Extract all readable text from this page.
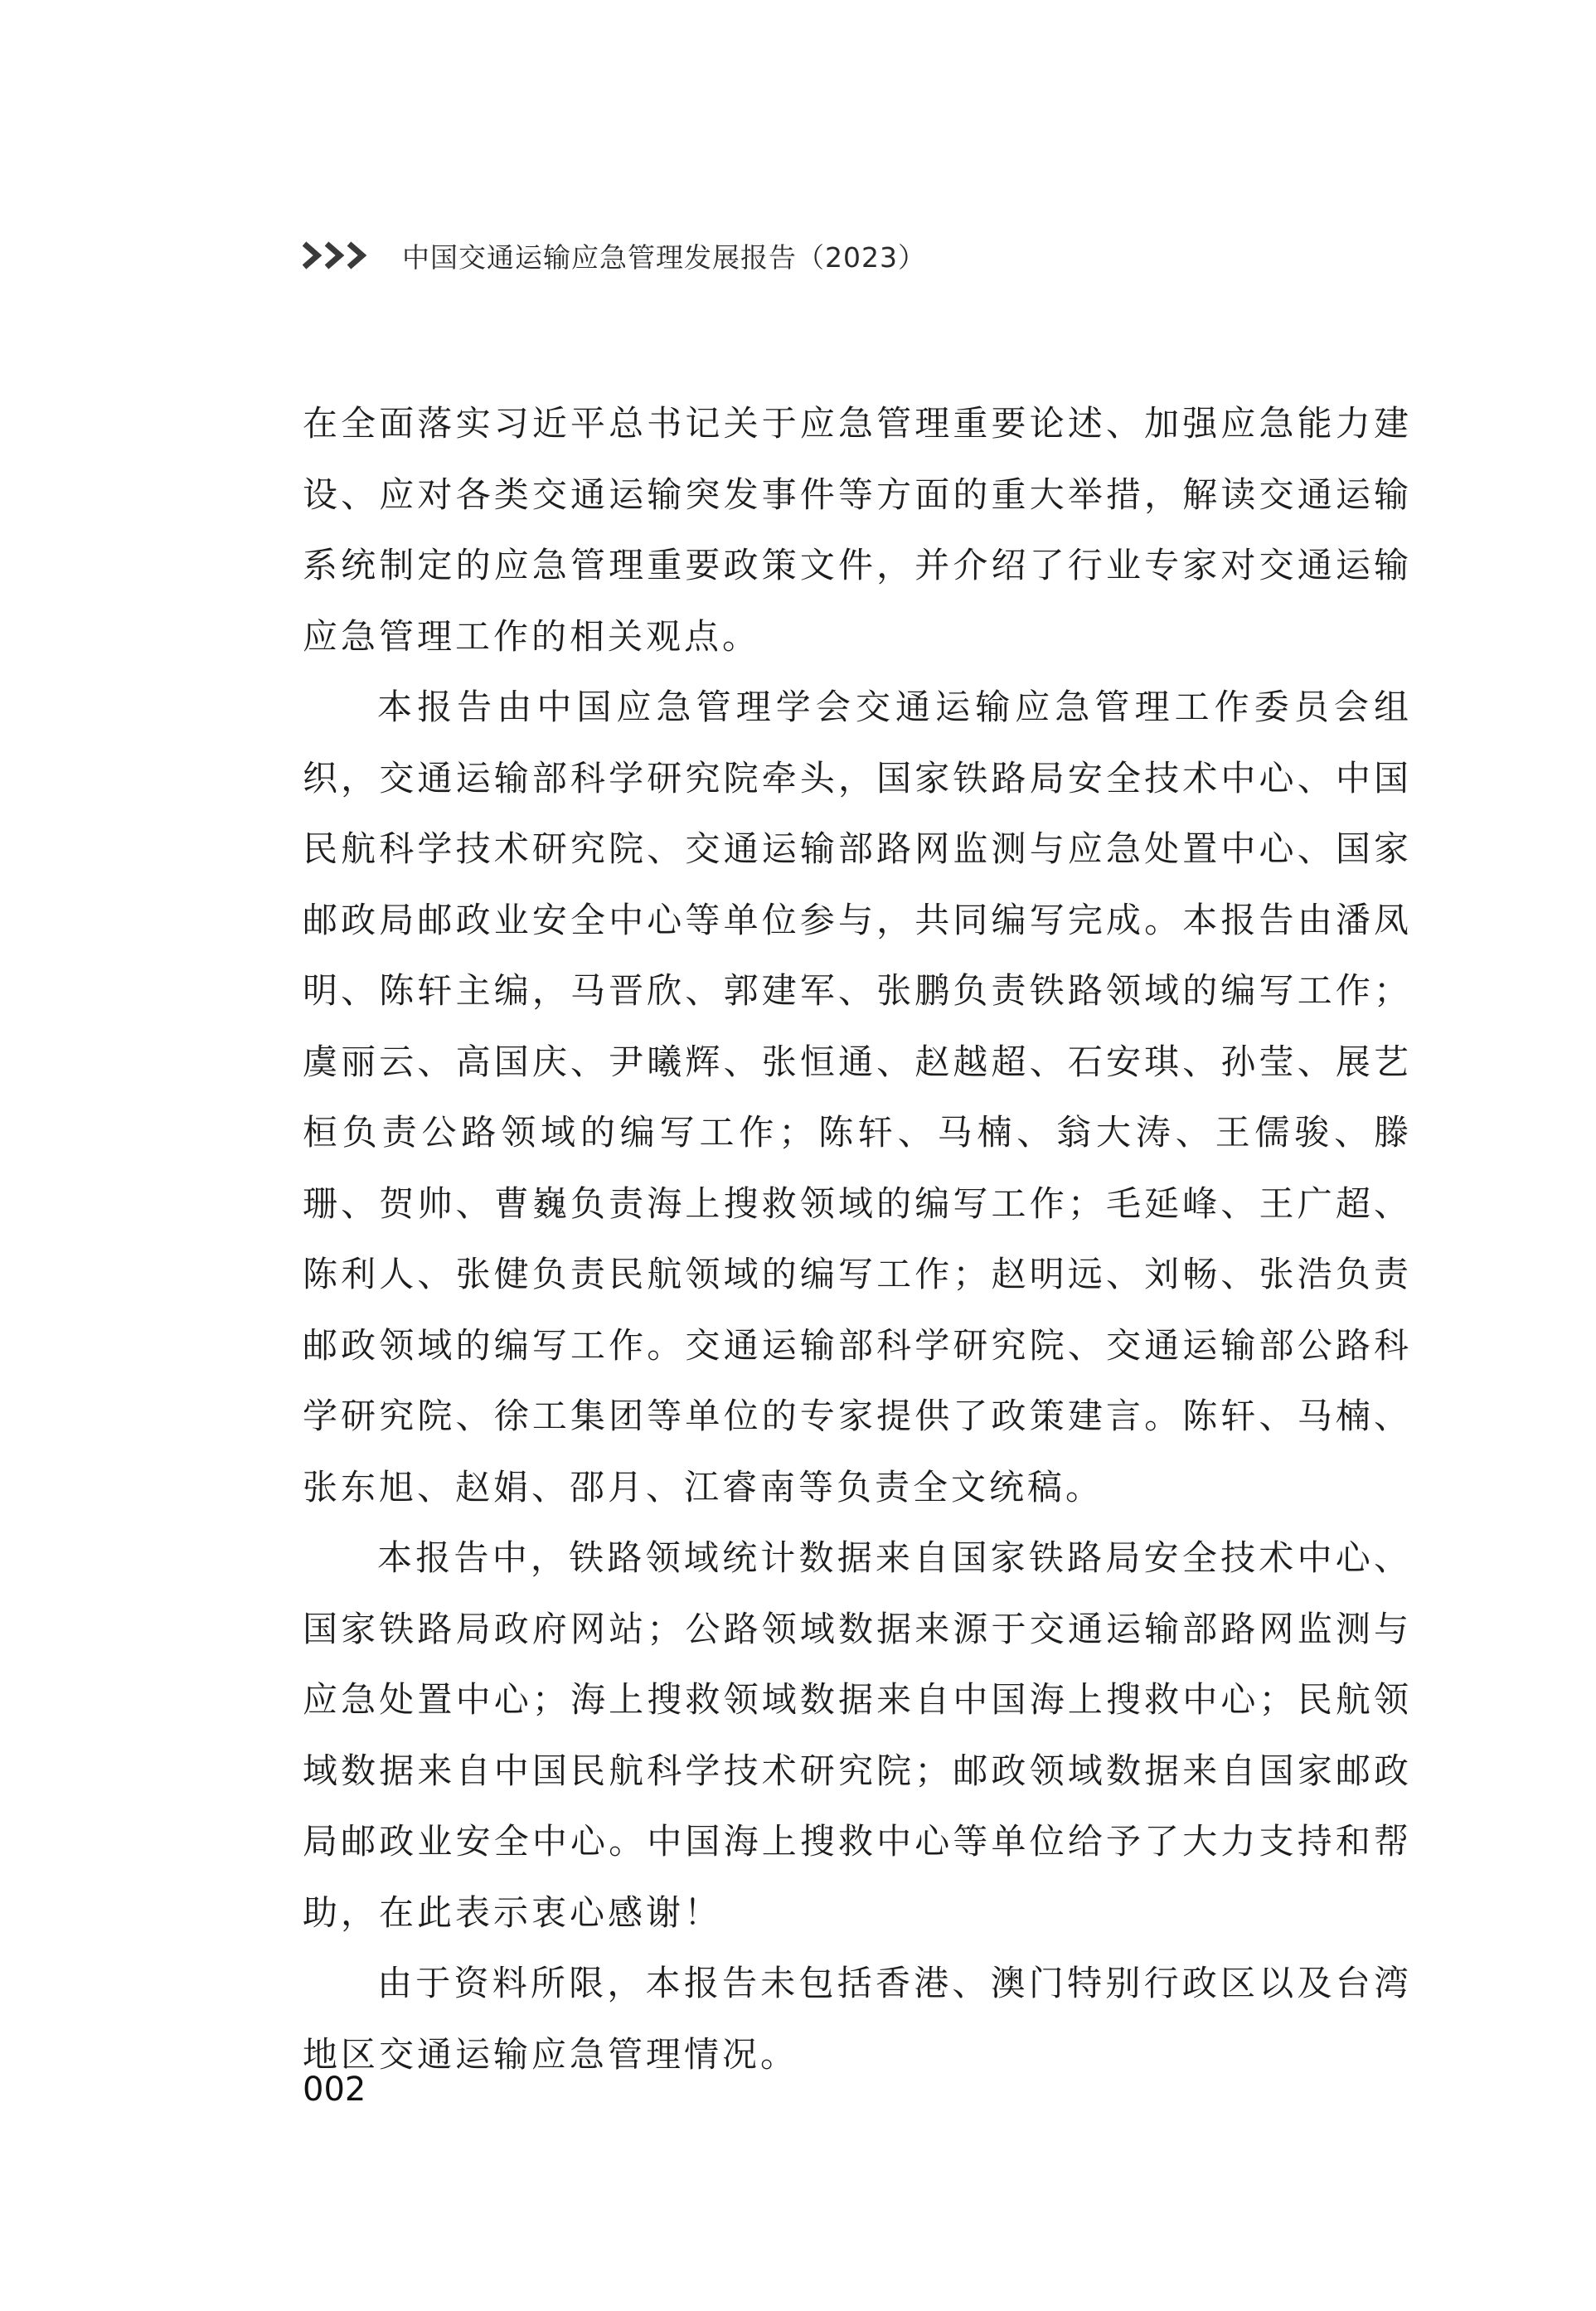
中国交通运输应急管理发展报告（2023）

在全面落实习近平总书记关于应急管理重要论述、加强应急能力建设、应对各类交通运输突发事件等方面的重大举措，解读交通运输系统制定的应急管理重要政策文件，并介绍了行业专家对交通运输应急管理工作的相关观点。

本报告由中国应急管理学会交通运输应急管理工作委员会组织，交通运输部科学研究院牵头，国家铁路局安全技术中心、中国民航科学技术研究院、交通运输部路网监测与应急处置中心、国家邮政局邮政业安全中心等单位参与，共同编写完成。本报告由潘凤明、陈轩主编，马晋欣、郭建军、张鹏负责铁路领域的编写工作；虞丽云、高国庆、尹曦辉、张恒通、赵越超、石安琪、孙莹、展艺桓负责公路领域的编写工作；陈轩、马楠、翁大涛、王儒骏、滕珊、贺帅、曹巍负责海上搜救领域的编写工作；毛延峰、王广超、陈利人、张健负责民航领域的编写工作；赵明远、刘畅、张浩负责邮政领域的编写工作。交通运输部科学研究院、交通运输部公路科学研究院、徐工集团等单位的专家提供了政策建言。陈轩、马楠、张东旭、赵娟、邵月、江睿南等负责全文统稿。

本报告中，铁路领域统计数据来自国家铁路局安全技术中心、国家铁路局政府网站；公路领域数据来源于交通运输部路网监测与应急处置中心；海上搜救领域数据来自中国海上搜救中心；民航领域数据来自中国民航科学技术研究院；邮政领域数据来自国家邮政局邮政业安全中心。中国海上搜救中心等单位给予了大力支持和帮助，在此表示衷心感谢！

由于资料所限，本报告未包括香港、澳门特别行政区以及台湾地区交通运输应急管理情况。

002
